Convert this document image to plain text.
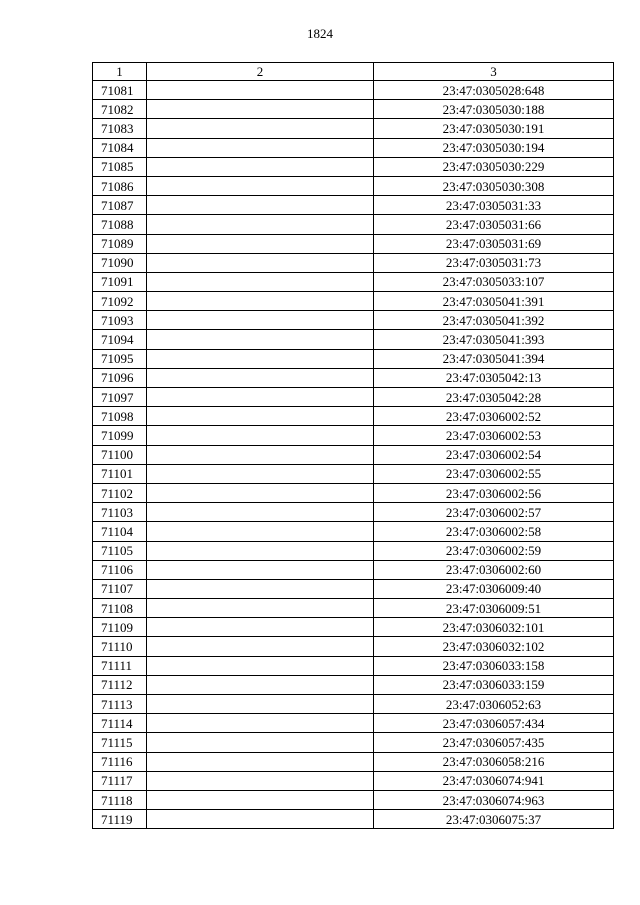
1824
1	2	3
71081		23:47:0305028:648
71082		23:47:0305030:188
71083		23:47:0305030:191
71084		23:47:0305030:194
71085		23:47:0305030:229
71086		23:47:0305030:308
71087		23:47:0305031:33
71088		23:47:0305031:66
71089		23:47:0305031:69
71090		23:47:0305031:73
71091		23:47:0305033:107
71092		23:47:0305041:391
71093		23:47:0305041:392
71094		23:47:0305041:393
71095		23:47:0305041:394
71096		23:47:0305042:13
71097		23:47:0305042:28
71098		23:47:0306002:52
71099		23:47:0306002:53
71100		23:47:0306002:54
71101		23:47:0306002:55
71102		23:47:0306002:56
71103		23:47:0306002:57
71104		23:47:0306002:58
71105		23:47:0306002:59
71106		23:47:0306002:60
71107		23:47:0306009:40
71108		23:47:0306009:51
71109		23:47:0306032:101
71110		23:47:0306032:102
71111		23:47:0306033:158
71112		23:47:0306033:159
71113		23:47:0306052:63
71114		23:47:0306057:434
71115		23:47:0306057:435
71116		23:47:0306058:216
71117		23:47:0306074:941
71118		23:47:0306074:963
71119		23:47:0306075:37
